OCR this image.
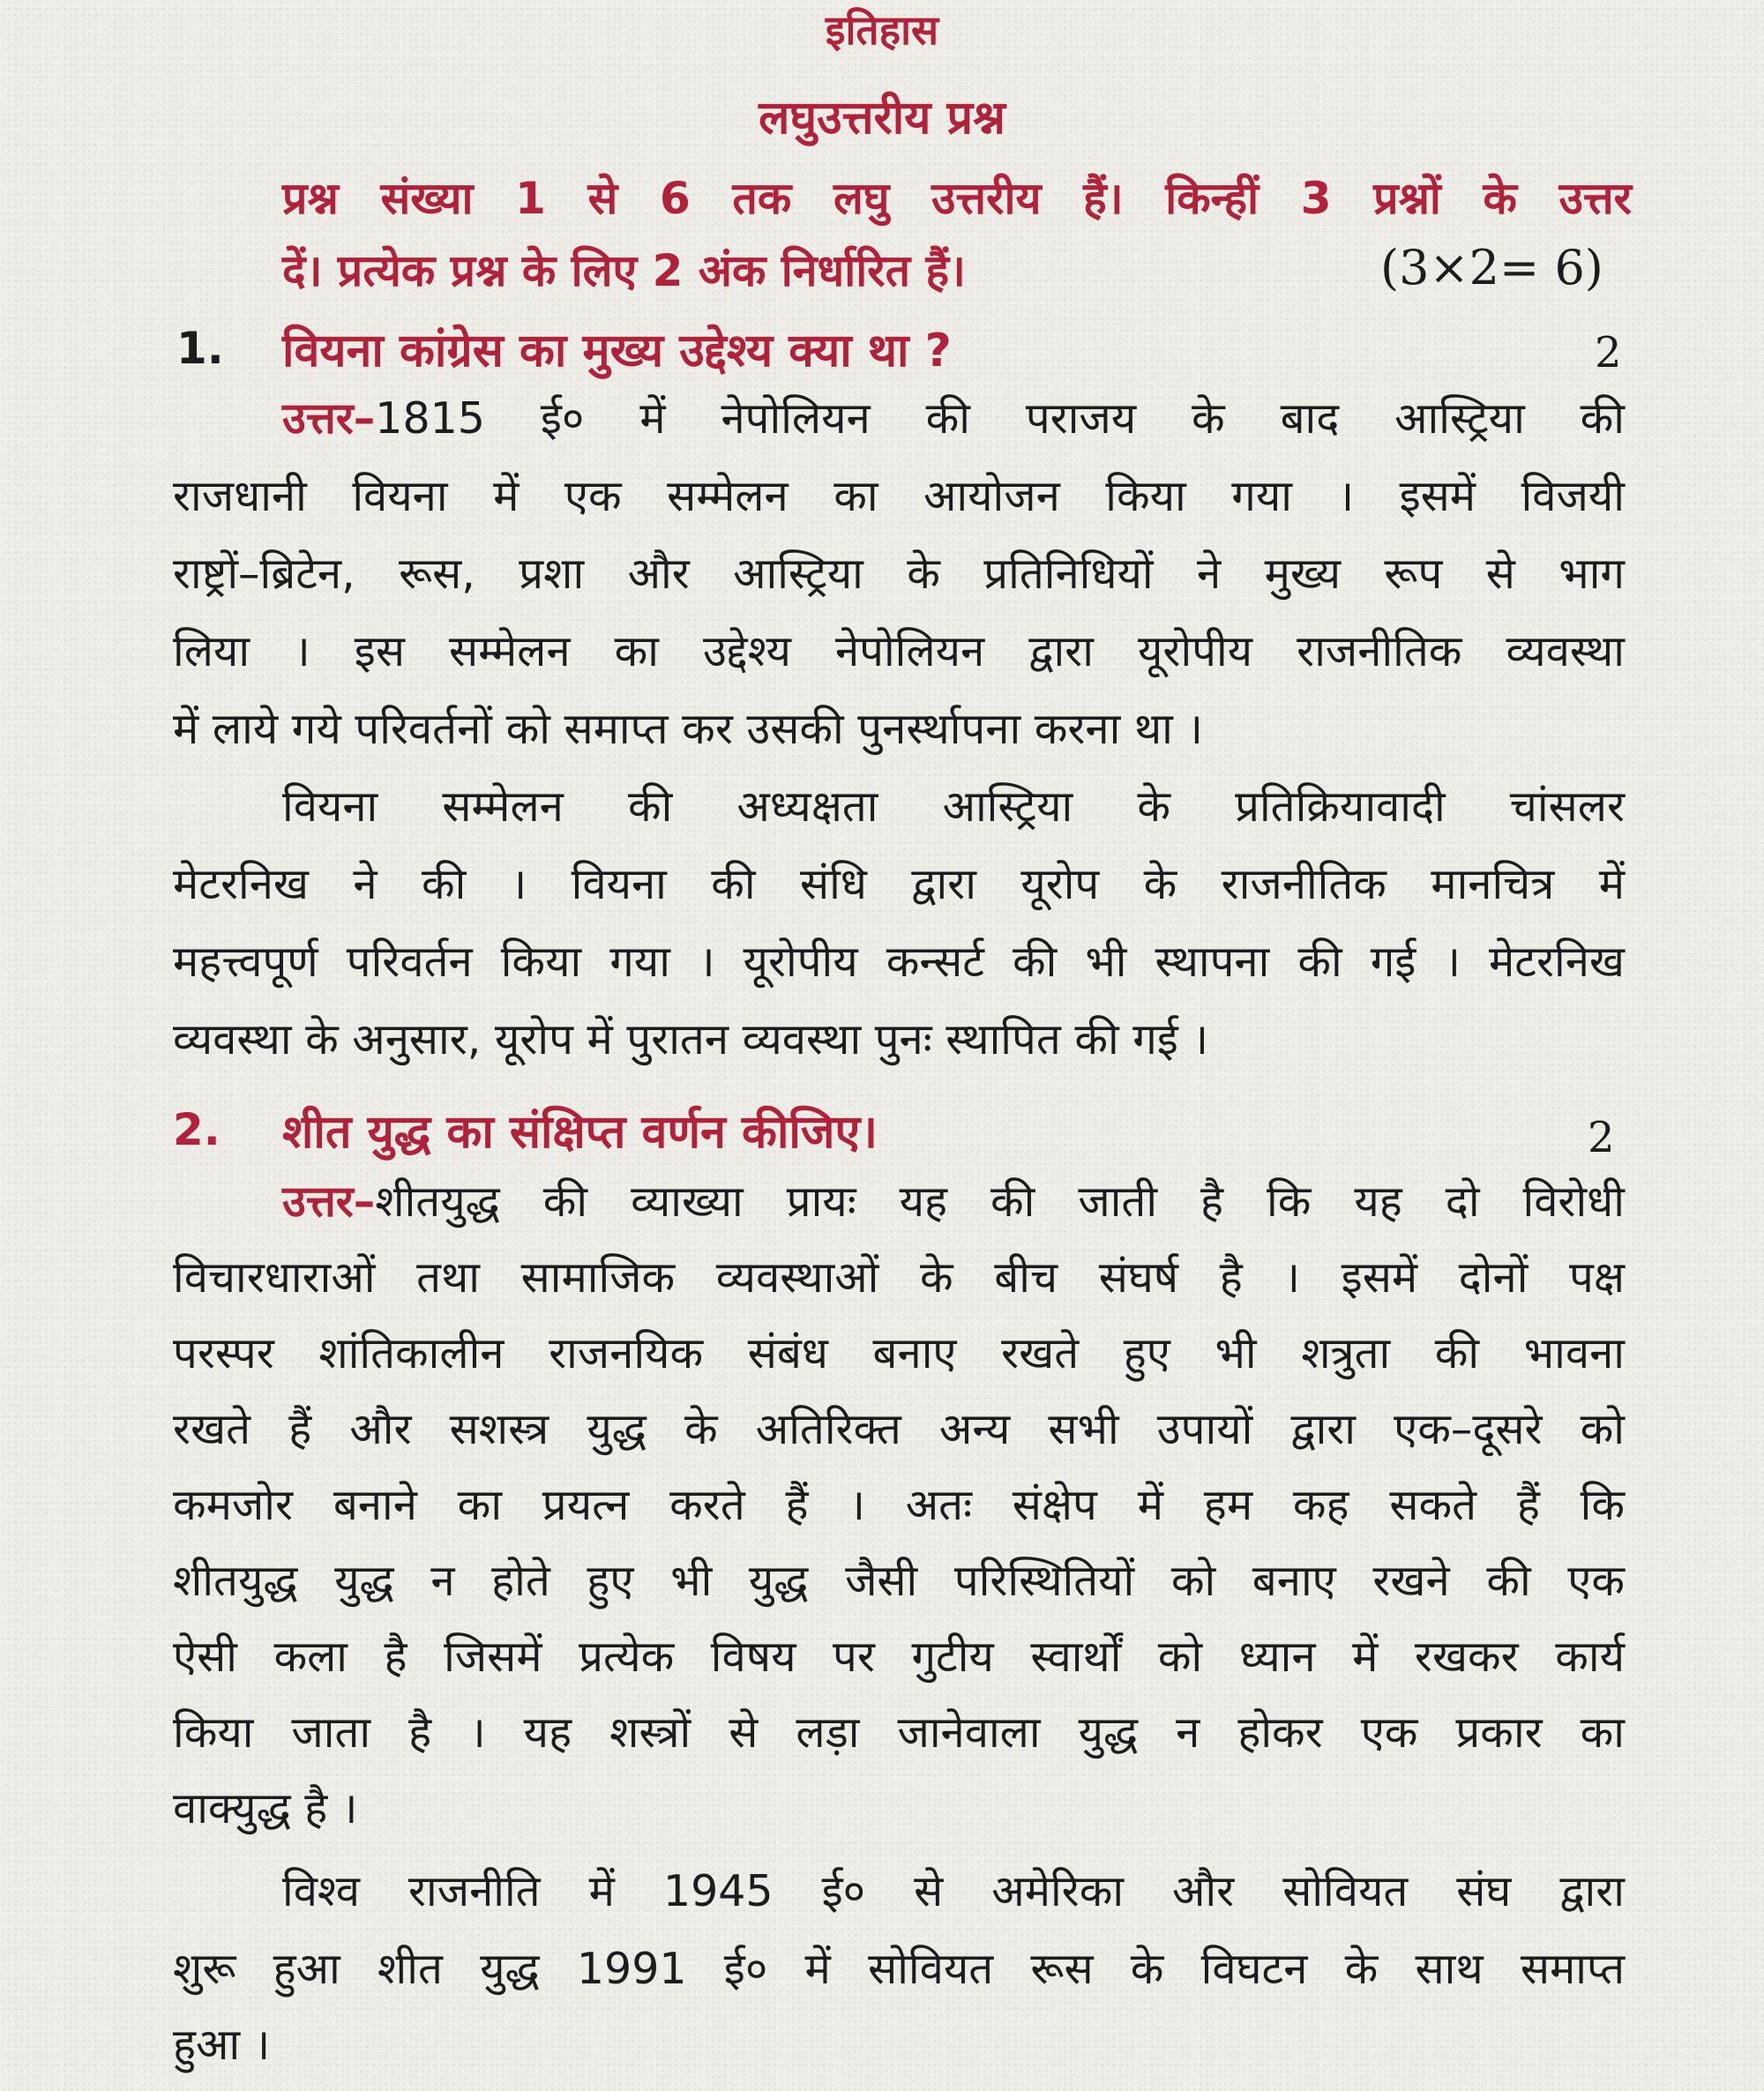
इतिहास
लघुउत्तरीय प्रश्न
प्रश्न संख्या 1 से 6 तक लघु उत्तरीय हैं। किन्हीं 3 प्रश्नों के उत्तर
दें। प्रत्येक प्रश्न के लिए 2 अंक निर्धारित हैं।	(3×2= 6)
1. वियना कांग्रेस का मुख्य उद्देश्य क्या था ?	2
उत्तर–1815 ई० में नेपोलियन की पराजय के बाद आस्ट्रिया की
राजधानी वियना में एक सम्मेलन का आयोजन किया गया । इसमें विजयी
राष्ट्रों–ब्रिटेन, रूस, प्रशा और आस्ट्रिया के प्रतिनिधियों ने मुख्य रूप से भाग
लिया । इस सम्मेलन का उद्देश्य नेपोलियन द्वारा यूरोपीय राजनीतिक व्यवस्था
में लाये गये परिवर्तनों को समाप्त कर उसकी पुनर्स्थापना करना था ।
वियना सम्मेलन की अध्यक्षता आस्ट्रिया के प्रतिक्रियावादी चांसलर
मेटरनिख ने की । वियना की संधि द्वारा यूरोप के राजनीतिक मानचित्र में
महत्त्वपूर्ण परिवर्तन किया गया । यूरोपीय कन्सर्ट की भी स्थापना की गई । मेटरनिख
व्यवस्था के अनुसार, यूरोप में पुरातन व्यवस्था पुनः स्थापित की गई ।
2. शीत युद्ध का संक्षिप्त वर्णन कीजिए।	2
उत्तर–शीतयुद्ध की व्याख्या प्रायः यह की जाती है कि यह दो विरोधी
विचारधाराओं तथा सामाजिक व्यवस्थाओं के बीच संघर्ष है । इसमें दोनों पक्ष
परस्पर शांतिकालीन राजनयिक संबंध बनाए रखते हुए भी शत्रुता की भावना
रखते हैं और सशस्त्र युद्ध के अतिरिक्त अन्य सभी उपायों द्वारा एक–दूसरे को
कमजोर बनाने का प्रयत्न करते हैं । अतः संक्षेप में हम कह सकते हैं कि
शीतयुद्ध युद्ध न होते हुए भी युद्ध जैसी परिस्थितियों को बनाए रखने की एक
ऐसी कला है जिसमें प्रत्येक विषय पर गुटीय स्वार्थों को ध्यान में रखकर कार्य
किया जाता है । यह शस्त्रों से लड़ा जानेवाला युद्ध न होकर एक प्रकार का
वाक्युद्ध है ।
विश्व राजनीति में 1945 ई० से अमेरिका और सोवियत संघ द्वारा
शुरू हुआ शीत युद्ध 1991 ई० में सोवियत रूस के विघटन के साथ समाप्त
हुआ ।
